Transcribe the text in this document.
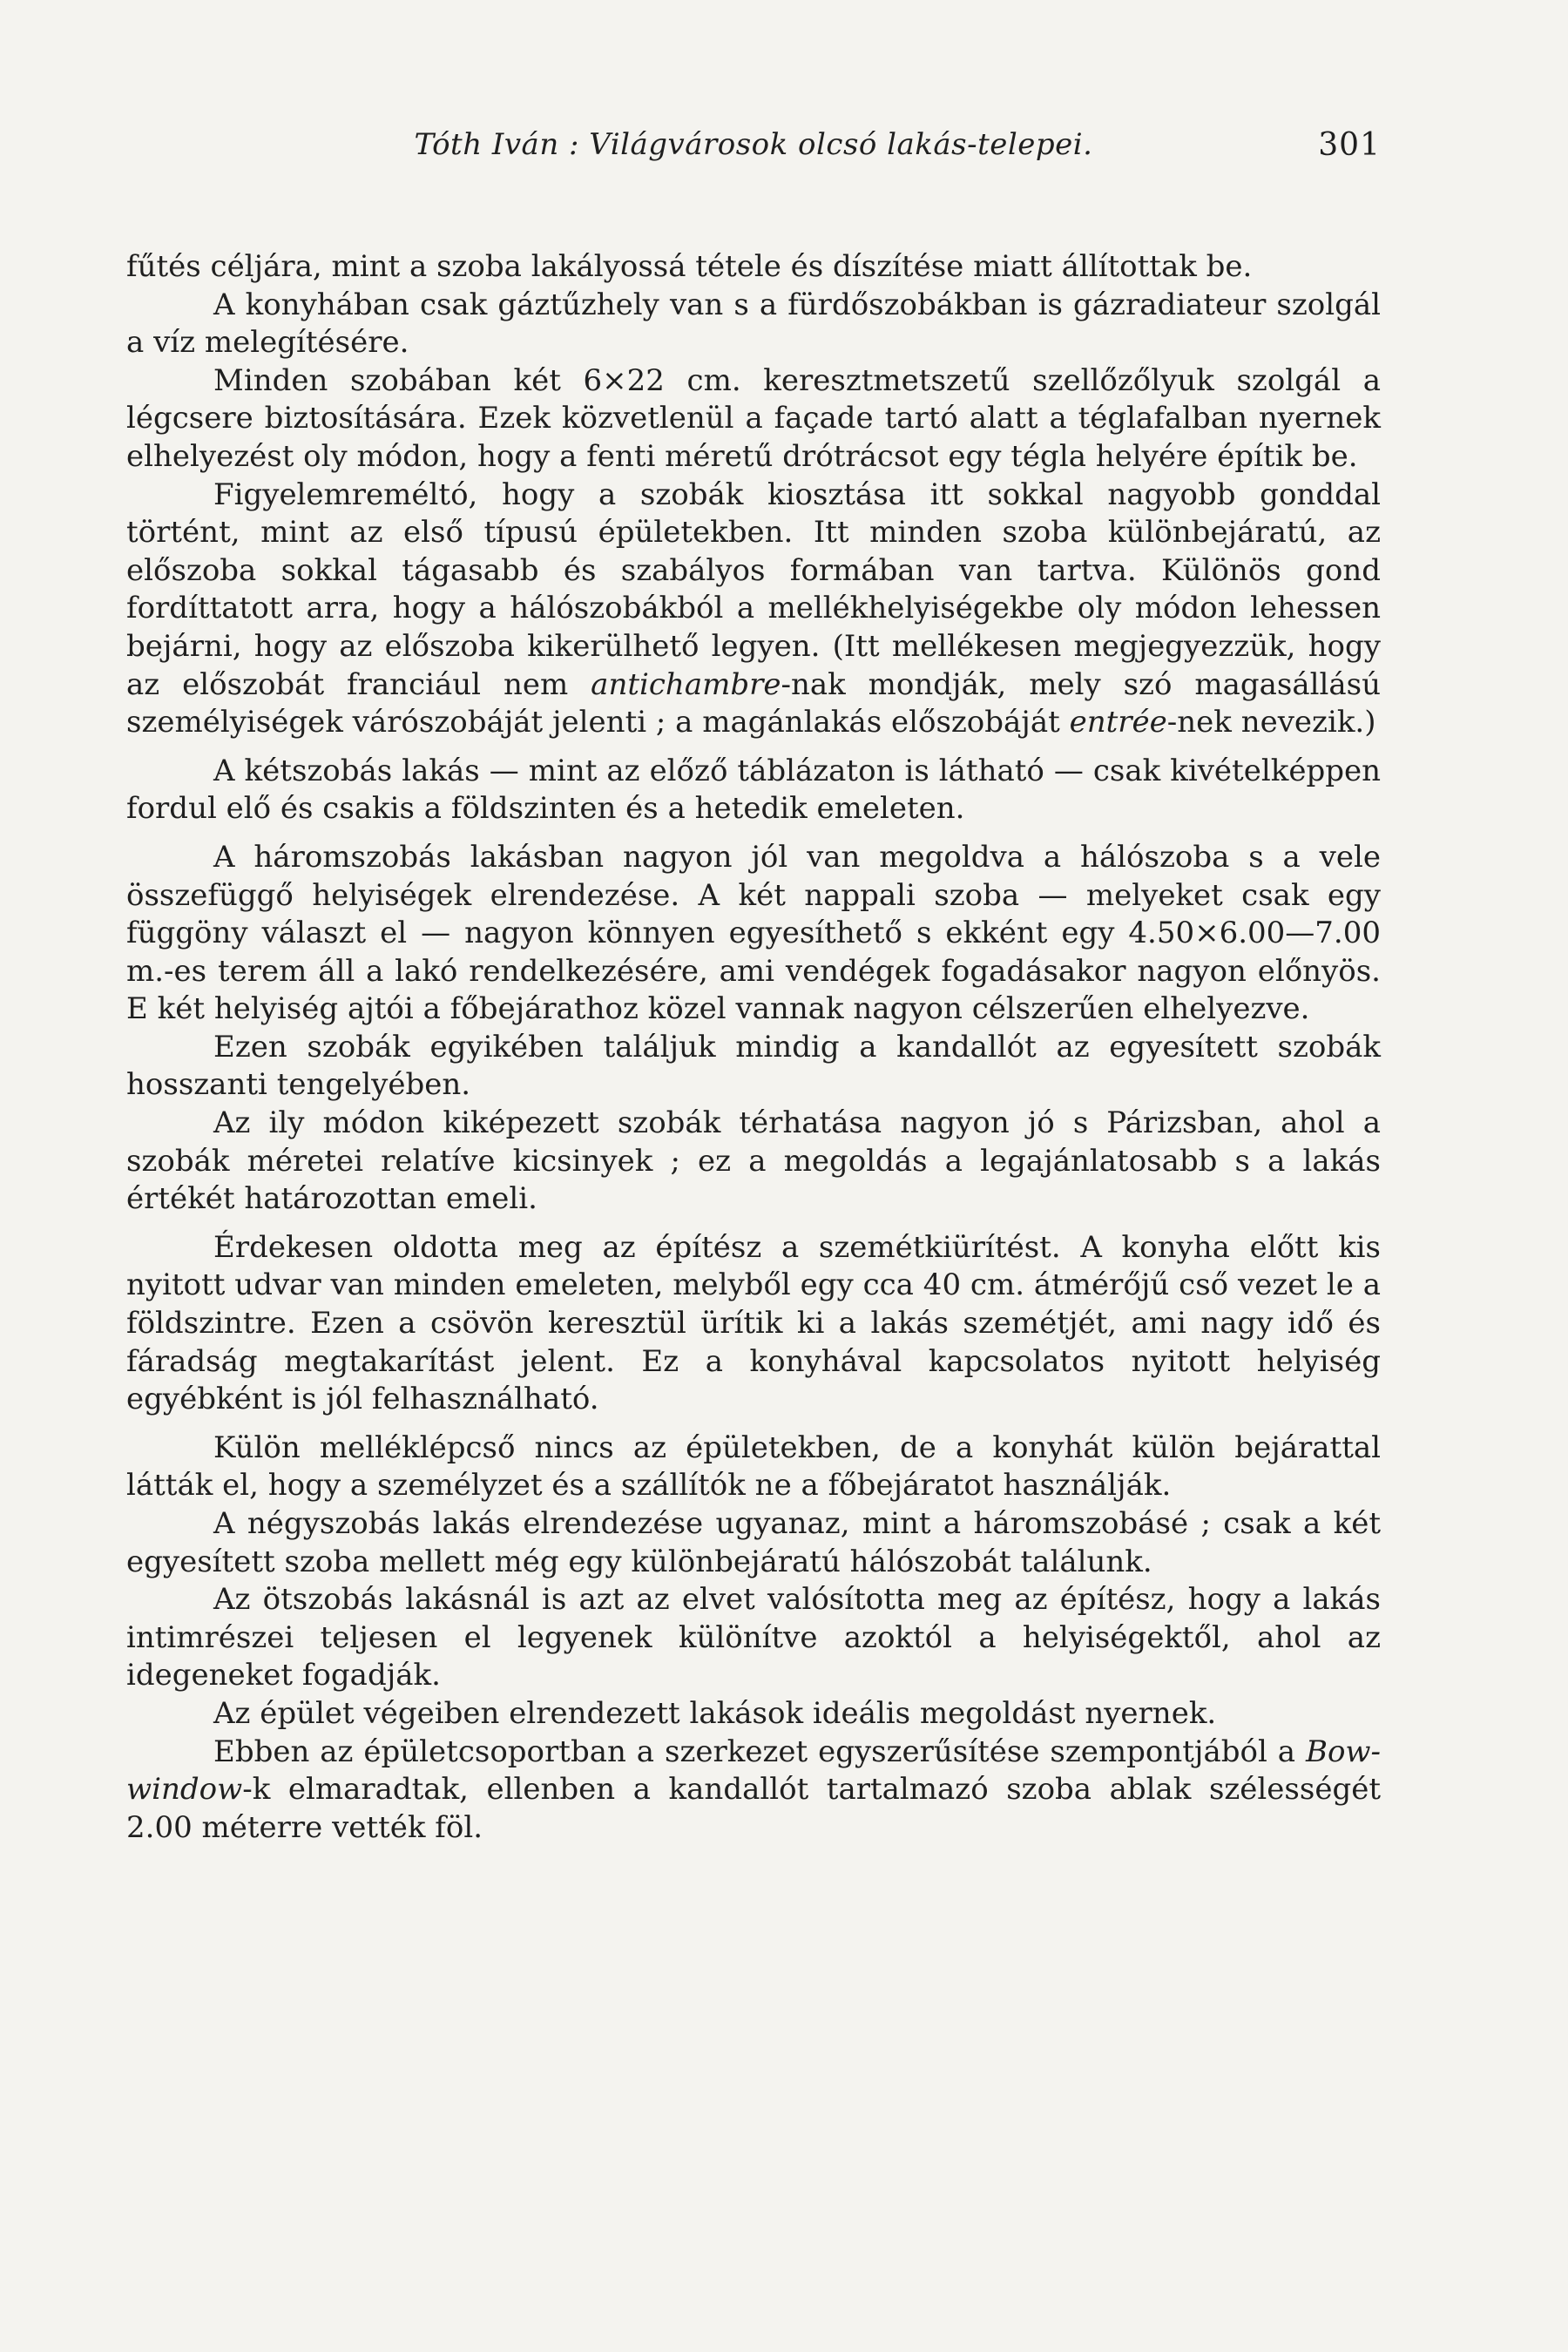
Tóth Iván : Világvárosok olcsó lakás-telepei.	301

fűtés céljára, mint a szoba lakályossá tétele és díszítése miatt állítottak be.

A konyhában csak gáztűzhely van s a fürdőszobákban is gázradiateur szolgál a víz melegítésére.

Minden szobában két 6×22 cm. keresztmetszetű szellőzőlyuk szolgál a légcsere biztosítására. Ezek közvetlenül a façade tartó alatt a téglafalban nyernek elhelyezést oly módon, hogy a fenti méretű drótrácsot egy tégla helyére építik be.

Figyelemreméltó, hogy a szobák kiosztása itt sokkal nagyobb gonddal történt, mint az első típusú épületekben. Itt minden szoba különbejáratú, az előszoba sokkal tágasabb és szabályos formában van tartva. Különös gond fordíttatott arra, hogy a hálószobákból a mellékhelyiségekbe oly módon lehessen bejárni, hogy az előszoba kikerülhető legyen. (Itt mellékesen megjegyezzük, hogy az előszobát franciául nem antichambre-nak mondják, mely szó magasállású személyiségek várószobáját jelenti ; a magánlakás előszobáját entrée-nek nevezik.)

A kétszobás lakás — mint az előző táblázaton is látható — csak kivételképpen fordul elő és csakis a földszinten és a hetedik emeleten.

A háromszobás lakásban nagyon jól van megoldva a hálószoba s a vele összefüggő helyiségek elrendezése. A két nappali szoba — melyeket csak egy függöny választ el — nagyon könnyen egyesíthető s ekként egy 4.50×6.00—7.00 m.-es terem áll a lakó rendelkezésére, ami vendégek fogadásakor nagyon előnyös. E két helyiség ajtói a főbejárathoz közel vannak nagyon célszerűen elhelyezve.

Ezen szobák egyikében találjuk mindig a kandallót az egyesített szobák hosszanti tengelyében.

Az ily módon kiképezett szobák térhatása nagyon jó s Párizsban, ahol a szobák méretei relatíve kicsinyek ; ez a megoldás a legajánlatosabb s a lakás értékét határozottan emeli.

Érdekesen oldotta meg az építész a szemétkiürítést. A konyha előtt kis nyitott udvar van minden emeleten, melyből egy cca 40 cm. átmérőjű cső vezet le a földszintre. Ezen a csövön keresztül ürítik ki a lakás szemétjét, ami nagy idő és fáradság megtakarítást jelent. Ez a konyhával kapcsolatos nyitott helyiség egyébként is jól felhasználható.

Külön melléklépcső nincs az épületekben, de a konyhát külön bejárattal látták el, hogy a személyzet és a szállítók ne a főbejáratot használják.

A négyszobás lakás elrendezése ugyanaz, mint a háromszobásé ; csak a két egyesített szoba mellett még egy különbejáratú hálószobát találunk.

Az ötszobás lakásnál is azt az elvet valósította meg az építész, hogy a lakás intimrészei teljesen el legyenek különítve azoktól a helyiségektől, ahol az idegeneket fogadják.

Az épület végeiben elrendezett lakások ideális megoldást nyernek.

Ebben az épületcsoportban a szerkezet egyszerűsítése szempontjából a Bow-window-k elmaradtak, ellenben a kandallót tartalmazó szoba ablak szélességét 2.00 méterre vették föl.
